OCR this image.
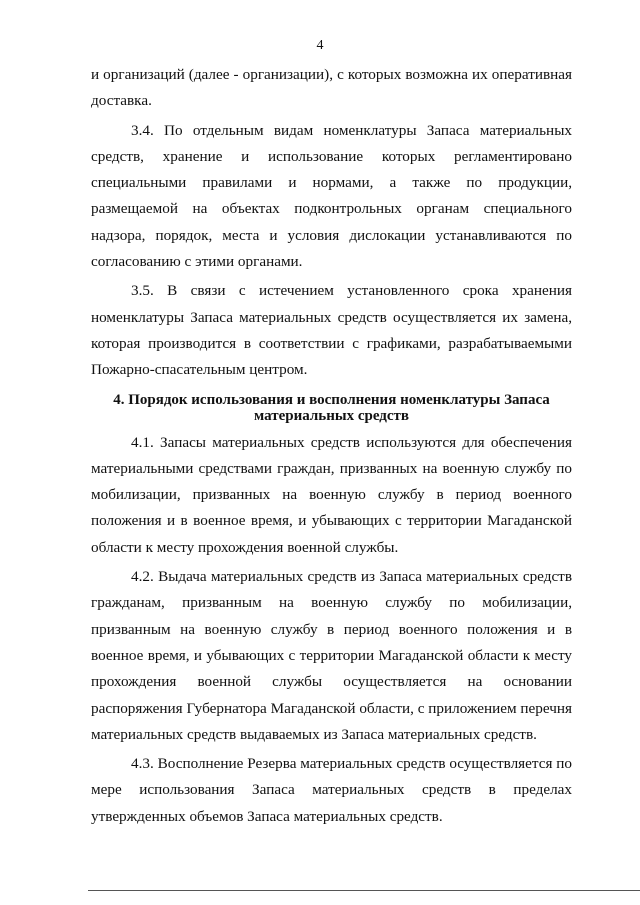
4

и организаций (далее - организации), с которых возможна их оперативная доставка.

3.4. По отдельным видам номенклатуры Запаса материальных средств, хранение и использование которых регламентировано специальными правилами и нормами, а также по продукции, размещаемой на объектах подконтрольных органам специального надзора, порядок, места и условия дислокации устанавливаются по согласованию с этими органами.

3.5. В связи с истечением установленного срока хранения номенклатуры Запаса материальных средств осуществляется их замена, которая производится в соответствии с графиками, разрабатываемыми Пожарно-спасательным центром.

4. Порядок использования и восполнения номенклатуры Запаса материальных средств

4.1. Запасы материальных средств используются для обеспечения материальными средствами граждан, призванных на военную службу по мобилизации, призванных на военную службу в период военного положения и в военное время, и убывающих с территории Магаданской области к месту прохождения военной службы.

4.2. Выдача материальных средств из Запаса материальных средств гражданам, призванным на военную службу по мобилизации, призванным на военную службу в период военного положения и в военное время, и убывающих с территории Магаданской области к месту прохождения военной службы осуществляется на основании распоряжения Губернатора Магаданской области, с приложением перечня материальных средств выдаваемых из Запаса материальных средств.

4.3. Восполнение Резерва материальных средств осуществляется по мере использования Запаса материальных средств в пределах утвержденных объемов Запаса материальных средств.
